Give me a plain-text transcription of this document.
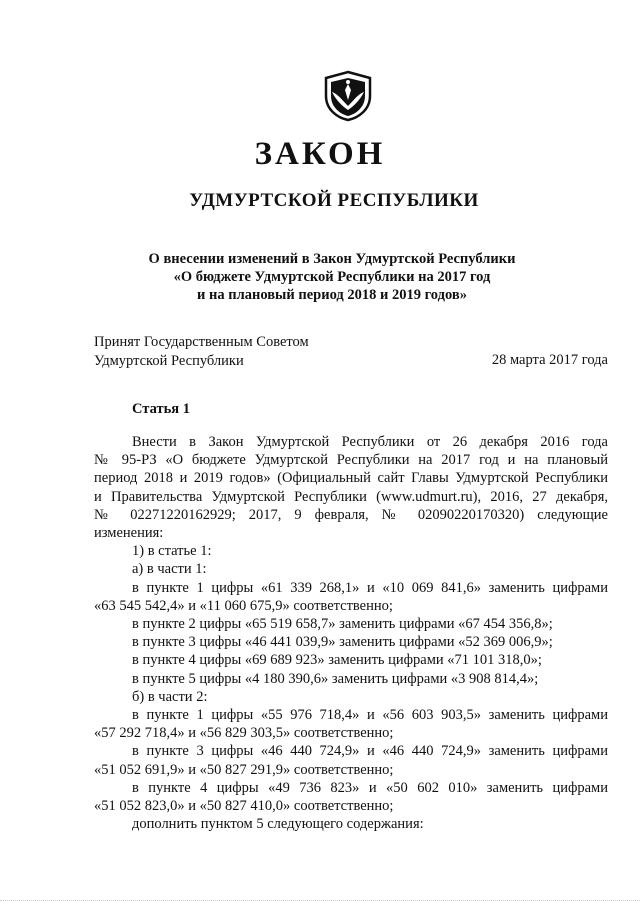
ЗАКОН
УДМУРТСКОЙ РЕСПУБЛИКИ
О внесении изменений в Закон Удмуртской Республики
«О бюджете Удмуртской Республики на 2017 год
и на плановый период 2018 и 2019 годов»
Принят Государственным Советом
Удмуртской Республики	28 марта 2017 года
Статья 1
Внести в Закон Удмуртской Республики от 26 декабря 2016 года
№ 95-РЗ «О бюджете Удмуртской Республики на 2017 год и на плановый
период 2018 и 2019 годов» (Официальный сайт Главы Удмуртской Республики
и Правительства Удмуртской Республики (www.udmurt.ru), 2016, 27 декабря,
№ 02271220162929; 2017, 9 февраля, № 02090220170320) следующие
изменения:
1) в статье 1:
а) в части 1:
в пункте 1 цифры «61 339 268,1» и «10 069 841,6» заменить цифрами
«63 545 542,4» и «11 060 675,9» соответственно;
в пункте 2 цифры «65 519 658,7» заменить цифрами «67 454 356,8»;
в пункте 3 цифры «46 441 039,9» заменить цифрами «52 369 006,9»;
в пункте 4 цифры «69 689 923» заменить цифрами «71 101 318,0»;
в пункте 5 цифры «4 180 390,6» заменить цифрами «3 908 814,4»;
б) в части 2:
в пункте 1 цифры «55 976 718,4» и «56 603 903,5» заменить цифрами
«57 292 718,4» и «56 829 303,5» соответственно;
в пункте 3 цифры «46 440 724,9» и «46 440 724,9» заменить цифрами
«51 052 691,9» и «50 827 291,9» соответственно;
в пункте 4 цифры «49 736 823» и «50 602 010» заменить цифрами
«51 052 823,0» и «50 827 410,0» соответственно;
дополнить пунктом 5 следующего содержания:
